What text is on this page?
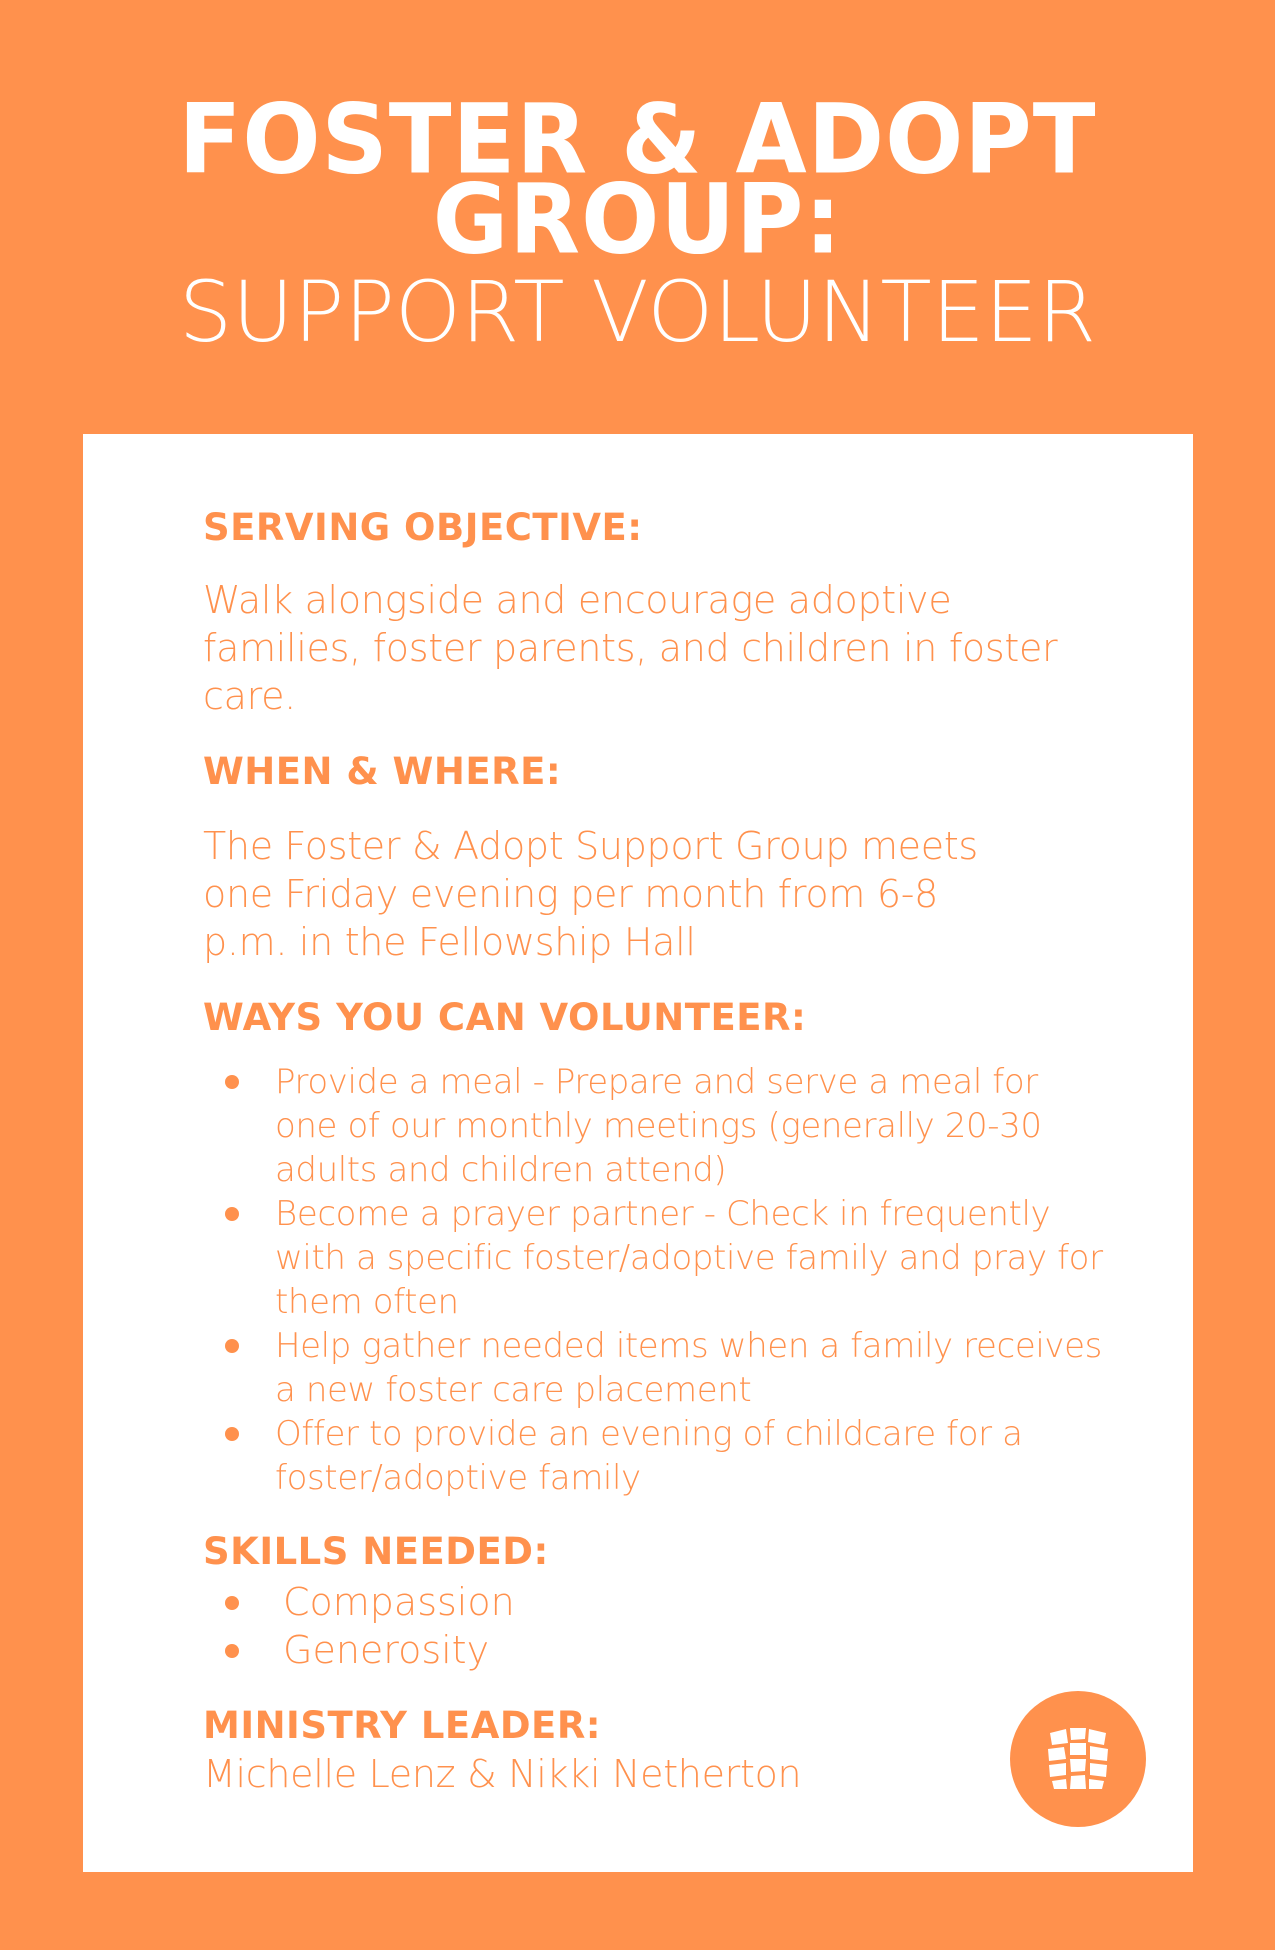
FOSTER & ADOPT
GROUP:
SUPPORT VOLUNTEER
SERVING OBJECTIVE:

Walk alongside and encourage adoptive families, foster parents, and children in foster care.

WHEN & WHERE:

The Foster & Adopt Support Group meets one Friday evening per month from 6-8 p.m. in the Fellowship Hall

WAYS YOU CAN VOLUNTEER:
Provide a meal - Prepare and serve a meal for one of our monthly meetings (generally 20-30 adults and children attend)
Become a prayer partner - Check in frequently with a specific foster/adoptive family and pray for them often
Help gather needed items when a family receives a new foster care placement
Offer to provide an evening of childcare for a foster/adoptive family
SKILLS NEEDED:
Compassion
Generosity
MINISTRY LEADER:

Michelle Lenz & Nikki Netherton
